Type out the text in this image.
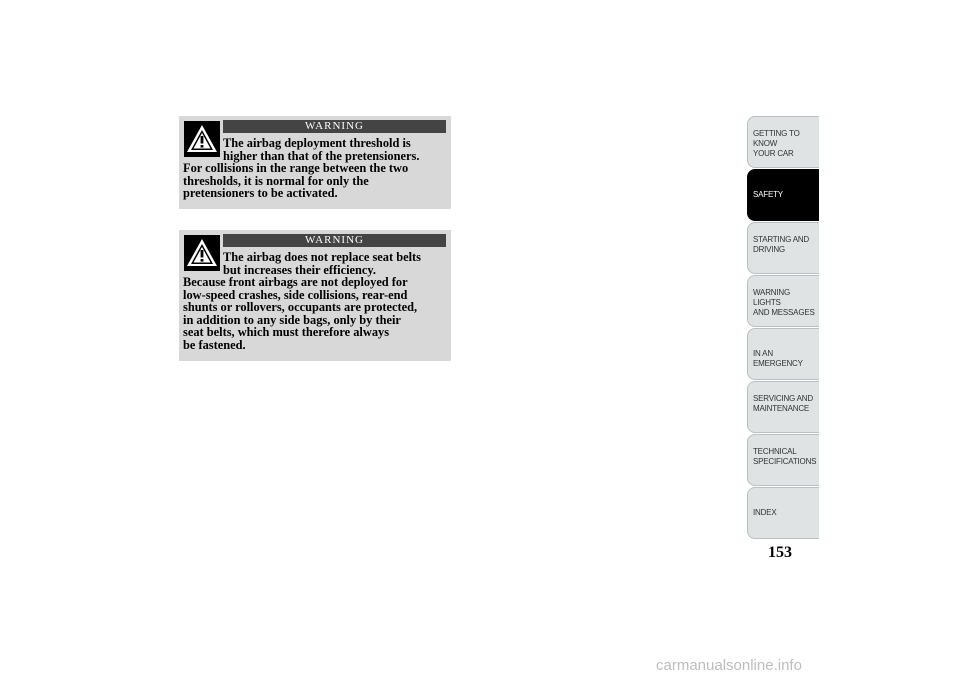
WARNING
The airbag deployment threshold is
higher than that of the pretensioners.
For collisions in the range between the two
thresholds, it is normal for only the
pretensioners to be activated.
WARNING
The airbag does not replace seat belts
but increases their efficiency.
Because front airbags are not deployed for
low-speed crashes, side collisions, rear-end
shunts or rollovers, occupants are protected,
in addition to any side bags, only by their
seat belts, which must therefore always
be fastened.
GETTING TO KNOW
YOUR CAR
SAFETY
STARTING AND
DRIVING
WARNING LIGHTS
AND MESSAGES
IN AN EMERGENCY
SERVICING AND
MAINTENANCE
TECHNICAL
SPECIFICATIONS
INDEX
153
carmanualsonline.info
